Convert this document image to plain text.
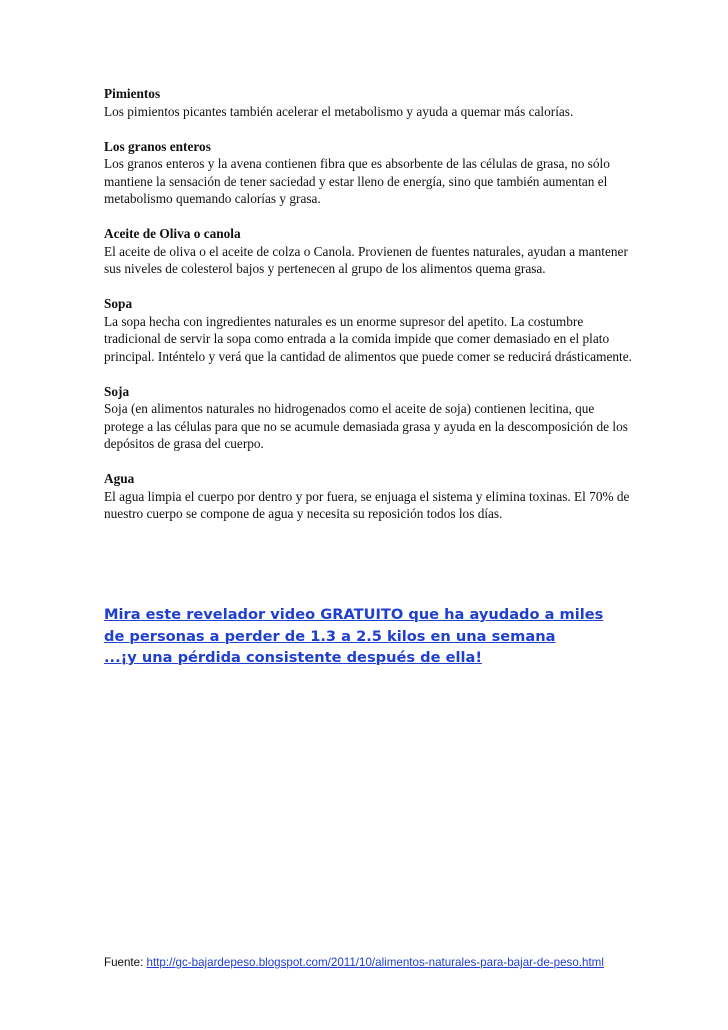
Pimientos

Los pimientos picantes también acelerar el metabolismo y ayuda a quemar más calorías.

Los granos enteros

Los granos enteros y la avena contienen fibra que es absorbente de las células de grasa, no sólo mantiene la sensación de tener saciedad y estar lleno de energía, sino que también aumentan el metabolismo quemando calorías y grasa.

Aceite de Oliva o canola

El aceite de oliva o el aceite de colza o Canola. Provienen de fuentes naturales, ayudan a mantener sus niveles de colesterol bajos y pertenecen al grupo de los alimentos quema grasa.

Sopa

La sopa hecha con ingredientes naturales es un enorme supresor del apetito. La costumbre tradicional de servir la sopa como entrada a la comida impide que comer demasiado en el plato principal. Inténtelo y verá que la cantidad de alimentos que puede comer se reducirá drásticamente.

Soja

Soja (en alimentos naturales no hidrogenados como el aceite de soja) contienen lecitina, que protege a las células para que no se acumule demasiada grasa y ayuda en la descomposición de los depósitos de grasa del cuerpo.

Agua

El agua limpia el cuerpo por dentro y por fuera, se enjuaga el sistema y elimina toxinas. El 70% de nuestro cuerpo se compone de agua y necesita su reposición todos los días.

Mira este revelador video GRATUITO que ha ayudado a miles
de personas a perder de 1.3 a 2.5 kilos en una semana
...¡y una pérdida consistente después de ella!
Fuente: http://gc-bajardepeso.blogspot.com/2011/10/alimentos-naturales-para-bajar-de-peso.html
